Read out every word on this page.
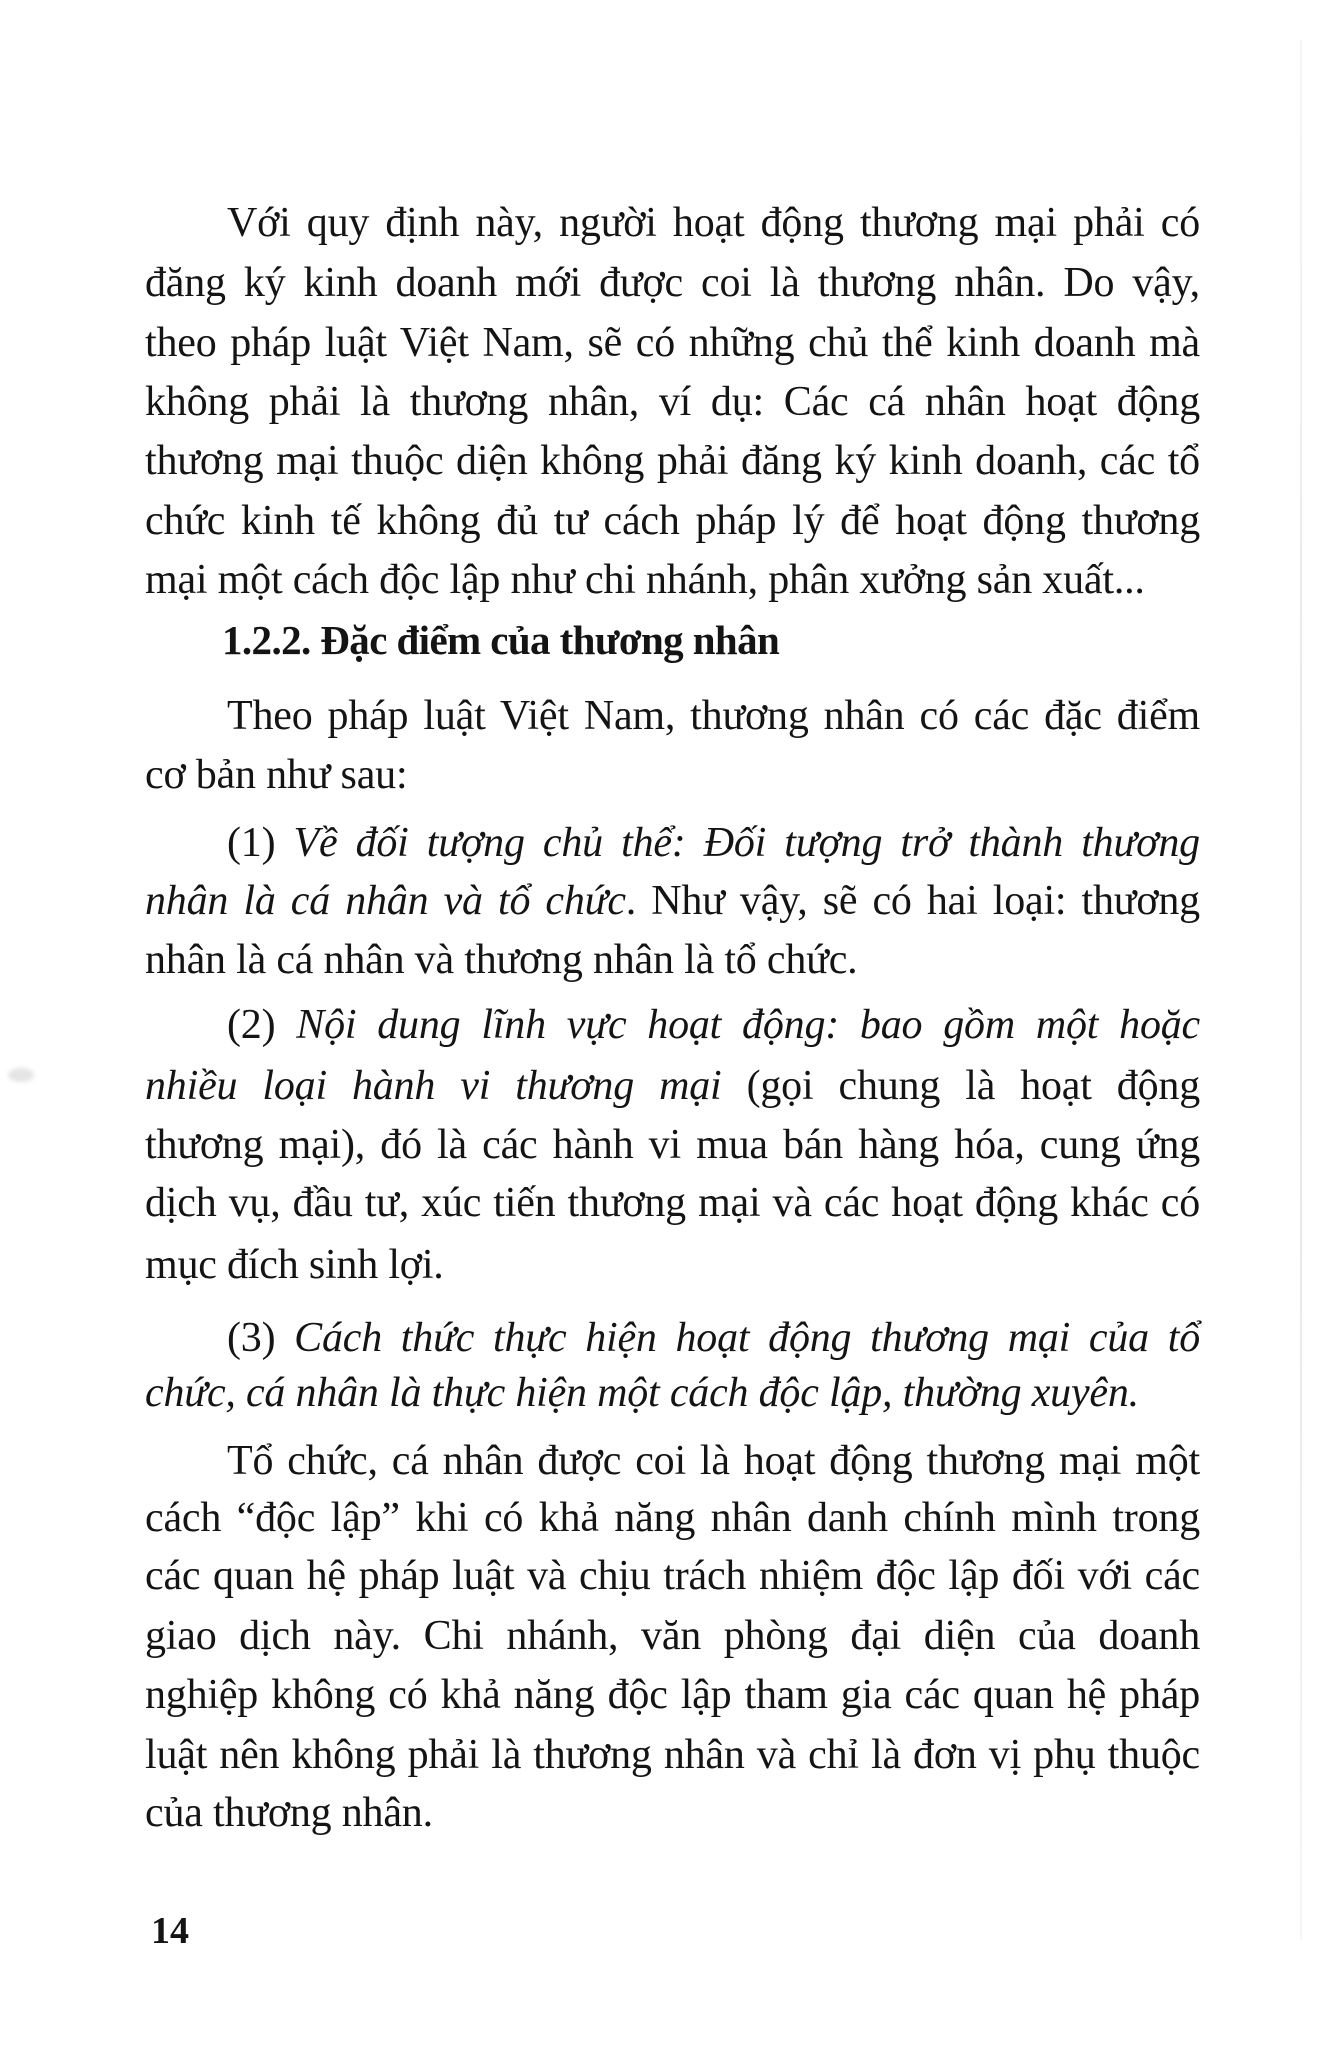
Với quy định này, người hoạt động thương mại phải có
đăng ký kinh doanh mới được coi là thương nhân. Do vậy,
theo pháp luật Việt Nam, sẽ có những chủ thể kinh doanh mà
không phải là thương nhân, ví dụ: Các cá nhân hoạt động
thương mại thuộc diện không phải đăng ký kinh doanh, các tổ
chức kinh tế không đủ tư cách pháp lý để hoạt động thương
mại một cách độc lập như chi nhánh, phân xưởng sản xuất...
1.2.2. Đặc điểm của thương nhân
Theo pháp luật Việt Nam, thương nhân có các đặc điểm
cơ bản như sau:
(1) Về đối tượng chủ thể: Đối tượng trở thành thương
nhân là cá nhân và tổ chức. Như vậy, sẽ có hai loại: thương
nhân là cá nhân và thương nhân là tổ chức.
(2) Nội dung lĩnh vực hoạt động: bao gồm một hoặc
nhiều loại hành vi thương mại (gọi chung là hoạt động
thương mại), đó là các hành vi mua bán hàng hóa, cung ứng
dịch vụ, đầu tư, xúc tiến thương mại và các hoạt động khác có
mục đích sinh lợi.
(3) Cách thức thực hiện hoạt động thương mại của tổ
chức, cá nhân là thực hiện một cách độc lập, thường xuyên.
Tổ chức, cá nhân được coi là hoạt động thương mại một
cách “độc lập” khi có khả năng nhân danh chính mình trong
các quan hệ pháp luật và chịu trách nhiệm độc lập đối với các
giao dịch này. Chi nhánh, văn phòng đại diện của doanh
nghiệp không có khả năng độc lập tham gia các quan hệ pháp
luật nên không phải là thương nhân và chỉ là đơn vị phụ thuộc
của thương nhân.
14
